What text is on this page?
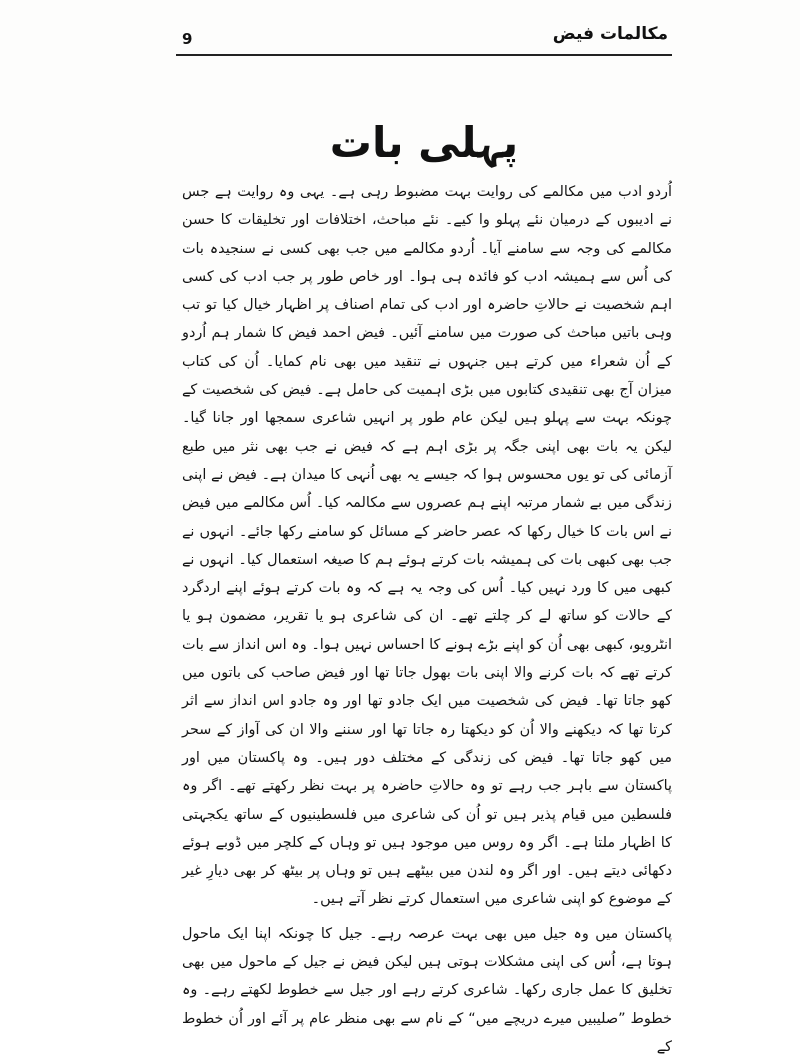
9	مکالمات فیض
پہلی بات

اُردو ادب میں مکالمے کی روایت بہت مضبوط رہی ہے۔ یہی وہ روایت ہے جس نے ادیبوں کے درمیان نئے پہلو وا کیے۔ نئے مباحث، اختلافات اور تخلیقات کا حسن مکالمے کی وجہ سے سامنے آیا۔ اُردو مکالمے میں جب بھی کسی نے سنجیدہ بات کی اُس سے ہمیشہ ادب کو فائدہ ہی ہوا۔ اور خاص طور پر جب ادب کی کسی اہم شخصیت نے حالاتِ حاضرہ اور ادب کی تمام اصناف پر اظہار خیال کیا تو تب وہی باتیں مباحث کی صورت میں سامنے آئیں۔ فیض احمد فیض کا شمار ہم اُردو کے اُن شعراء میں کرتے ہیں جنہوں نے تنقید میں بھی نام کمایا۔ اُن کی کتاب میزان آج بھی تنقیدی کتابوں میں بڑی اہمیت کی حامل ہے۔ فیض کی شخصیت کے چونکہ بہت سے پہلو ہیں لیکن عام طور پر انہیں شاعری سمجھا اور جانا گیا۔ لیکن یہ بات بھی اپنی جگہ پر بڑی اہم ہے کہ فیض نے جب بھی نثر میں طبع آزمائی کی تو یوں محسوس ہوا کہ جیسے یہ بھی اُنہی کا میدان ہے۔ فیض نے اپنی زندگی میں بے شمار مرتبہ اپنے ہم عصروں سے مکالمہ کیا۔ اُس مکالمے میں فیض نے اس بات کا خیال رکھا کہ عصر حاضر کے مسائل کو سامنے رکھا جائے۔ انہوں نے جب بھی کبھی بات کی ہمیشہ بات کرتے ہوئے ہم کا صیغہ استعمال کیا۔ انہوں نے کبھی میں کا ورد نہیں کیا۔ اُس کی وجہ یہ ہے کہ وہ بات کرتے ہوئے اپنے اردگرد کے حالات کو ساتھ لے کر چلتے تھے۔ ان کی شاعری ہو یا تقریر، مضمون ہو یا انٹرویو، کبھی بھی اُن کو اپنے بڑے ہونے کا احساس نہیں ہوا۔ وہ اس انداز سے بات کرتے تھے کہ بات کرنے والا اپنی بات بھول جاتا تھا اور فیض صاحب کی باتوں میں کھو جاتا تھا۔ فیض کی شخصیت میں ایک جادو تھا اور وہ جادو اس انداز سے اثر کرتا تھا کہ دیکھنے والا اُن کو دیکھتا رہ جاتا تھا اور سننے والا ان کی آواز کے سحر میں کھو جاتا تھا۔ فیض کی زندگی کے مختلف دور ہیں۔ وہ پاکستان میں اور پاکستان سے باہر جب رہے تو وہ حالاتِ حاضرہ پر بہت نظر رکھتے تھے۔ اگر وہ فلسطین میں قیام پذیر ہیں تو اُن کی شاعری میں فلسطینیوں کے ساتھ یکجہتی کا اظہار ملتا ہے۔ اگر وہ روس میں موجود ہیں تو وہاں کے کلچر میں ڈوبے ہوئے دکھائی دیتے ہیں۔ اور اگر وہ لندن میں بیٹھے ہیں تو وہاں پر بیٹھ کر بھی دیارِ غیر کے موضوع کو اپنی شاعری میں استعمال کرتے نظر آتے ہیں۔

پاکستان میں وہ جیل میں بھی بہت عرصہ رہے۔ جیل کا چونکہ اپنا ایک ماحول ہوتا ہے، اُس کی اپنی مشکلات ہوتی ہیں لیکن فیض نے جیل کے ماحول میں بھی تخلیق کا عمل جاری رکھا۔ شاعری کرتے رہے اور جیل سے خطوط لکھتے رہے۔ وہ خطوط ”صلیبیں میرے دریچے میں“ کے نام سے بھی منظر عام پر آئے اور اُن خطوط کے
